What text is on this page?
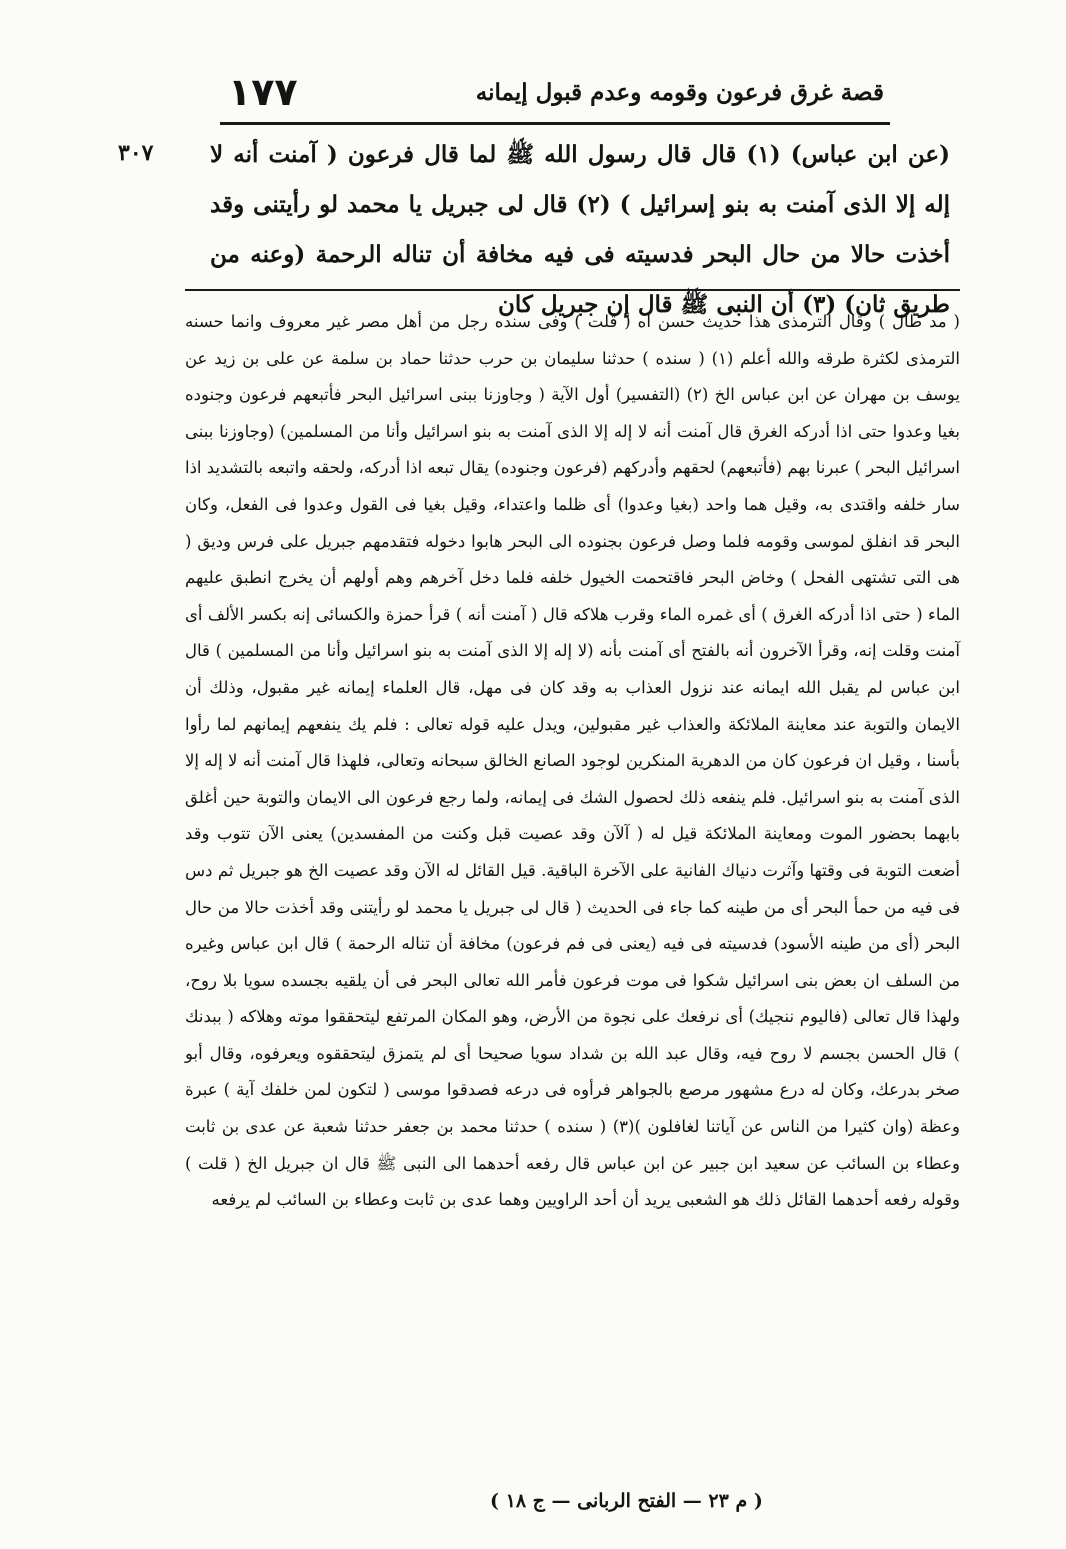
١٧٧	قصة غرق فرعون وقومه وعدم قبول إيمانه
٣٠٧ (عن ابن عباس) (١) قال قال رسول الله ﷺ لما قال فرعون ( آمنت أنه لا إله إلا الذى آمنت به بنو إسرائيل ) (٢) قال لى جبريل يا محمد لو رأيتنى وقد أخذت حالا من حال البحر فدسيته فى فيه مخافة أن تناله الرحمة (وعنه من طريق ثان) (٣) أن النبى ﷺ قال إن جبريل كان

( مد طال ) وقال الترمذى هذا حديث حسن اه ( قلت ) وفى سنده رجل من أهل مصر غير معروف وانما حسنه الترمذى لكثرة طرقه والله أعلم (١) ( سنده ) حدثنا سليمان بن حرب حدثنا حماد بن سلمة عن على بن زيد عن يوسف بن مهران عن ابن عباس الخ (٢) (التفسير) أول الآية ( وجاوزنا ببنى اسرائيل البحر فأتبعهم فرعون وجنوده بغيا وعدوا حتى اذا أدركه الغرق قال آمنت أنه لا إله إلا الذى آمنت به بنو اسرائيل وأنا من المسلمين) (وجاوزنا ببنى اسرائيل البحر ) عبرنا بهم (فأتبعهم) لحقهم وأدركهم (فرعون وجنوده) يقال تبعه اذا أدركه، ولحقه واتبعه بالتشديد اذا سار خلفه واقتدى به، وقيل هما واحد (بغيا وعدوا) أى ظلما واعتداء، وقيل بغيا فى القول وعدوا فى الفعل، وكان البحر قد انفلق لموسى وقومه فلما وصل فرعون بجنوده الى البحر هابوا دخوله فتقدمهم جبريل على فرس وديق ( هى التى تشتهى الفحل ) وخاض البحر فاقتحمت الخيول خلفه فلما دخل آخرهم وهم أولهم أن يخرج انطبق عليهم الماء ( حتى اذا أدركه الغرق ) أى غمره الماء وقرب هلاكه قال ( آمنت أنه ) قرأ حمزة والكسائى إنه بكسر الألف أى آمنت وقلت إنه، وقرأ الآخرون أنه بالفتح أى آمنت بأنه (لا إله إلا الذى آمنت به بنو اسرائيل وأنا من المسلمين ) قال ابن عباس لم يقبل الله ايمانه عند نزول العذاب به وقد كان فى مهل، قال العلماء إيمانه غير مقبول، وذلك أن الايمان والتوبة عند معاينة الملائكة والعذاب غير مقبولين، ويدل عليه قوله تعالى : فلم يك ينفعهم إيمانهم لما رأوا بأسنا ، وقيل ان فرعون كان من الدهرية المنكرين لوجود الصانع الخالق سبحانه وتعالى، فلهذا قال آمنت أنه لا إله إلا الذى آمنت به بنو اسرائيل. فلم ينفعه ذلك لحصول الشك فى إيمانه، ولما رجع فرعون الى الايمان والتوبة حين أغلق بابهما بحضور الموت ومعاينة الملائكة قيل له ( آلآن وقد عصيت قبل وكنت من المفسدين) يعنى الآن تتوب وقد أضعت التوبة فى وقتها وآثرت دنياك الفانية على الآخرة الباقية. قيل القائل له الآن وقد عصيت الخ هو جبريل ثم دس فى فيه من حمأ البحر أى من طينه كما جاء فى الحديث ( قال لى جبريل يا محمد لو رأيتنى وقد أخذت حالا من حال البحر (أى من طينه الأسود) فدسيته فى فيه (يعنى فى فم فرعون) مخافة أن تناله الرحمة ) قال ابن عباس وغيره من السلف ان بعض بنى اسرائيل شكوا فى موت فرعون فأمر الله تعالى البحر فى أن يلقيه بجسده سويا بلا روح، ولهذا قال تعالى (فاليوم ننجيك) أى نرفعك على نجوة من الأرض، وهو المكان المرتفع ليتحققوا موته وهلاكه ( ببدنك ) قال الحسن بجسم لا روح فيه، وقال عبد الله بن شداد سويا صحيحا أى لم يتمزق ليتحققوه ويعرفوه، وقال أبو صخر بدرعك، وكان له درع مشهور مرصع بالجواهر فرأوه فى درعه فصدقوا موسى ( لتكون لمن خلفك آية ) عبرة وعظة (وان كثيرا من الناس عن آياتنا لغافلون )(٣) ( سنده ) حدثنا محمد بن جعفر حدثنا شعبة عن عدى بن ثابت وعطاء بن السائب عن سعيد ابن جبير عن ابن عباس قال رفعه أحدهما الى النبى ﷺ قال ان جبريل الخ ( قلت ) وقوله رفعه أحدهما القائل ذلك هو الشعبى يريد أن أحد الراويين وهما عدى بن ثابت وعطاء بن السائب لم يرفعه

( م ٢٣ — الفتح الربانى — ج ١٨ )
